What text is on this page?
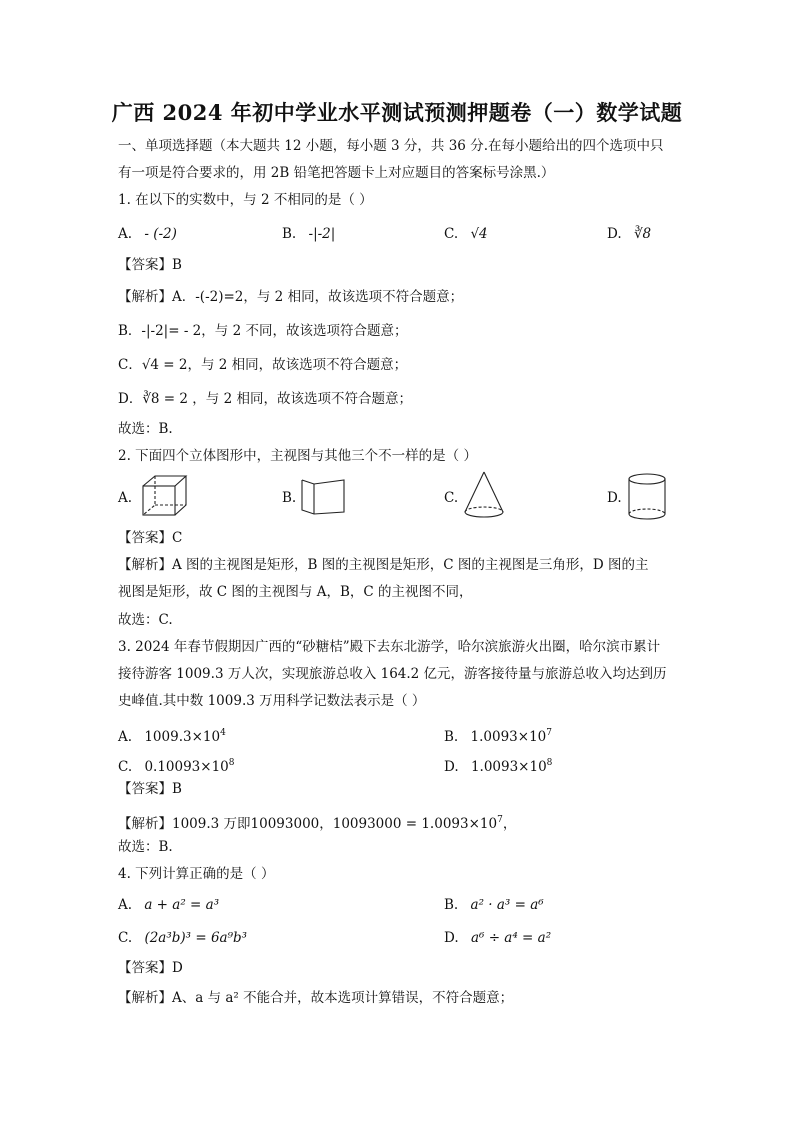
广西 2024 年初中学业水平测试预测押题卷（一）数学试题
一、单项选择题（本大题共 12 小题，每小题 3 分，共 36 分.在每小题给出的四个选项中只
有一项是符合要求的，用 2B 铅笔把答题卡上对应题目的答案标号涂黑.）
1. 在以下的实数中，与 2 不相同的是（ ）
A. - (-2)	B. -|-2|	C. √4	D. ∛8
【答案】B
【解析】A．-(-2)=2，与 2 相同，故该选项不符合题意；
B．-|-2|= - 2，与 2 不同，故该选项符合题意；
C．√4 = 2，与 2 相同，故该选项不符合题意；
D．∛8 = 2 ，与 2 相同，故该选项不符合题意；
故选：B.
2. 下面四个立体图形中，主视图与其他三个不一样的是（ ）
A.	B.	C.	D.
【答案】C
【解析】A 图的主视图是矩形，B 图的主视图是矩形，C 图的主视图是三角形，D 图的主
视图是矩形，故 C 图的主视图与 A，B，C 的主视图不同，
故选：C.
3. 2024 年春节假期因广西的“砂糖桔”殿下去东北游学，哈尔滨旅游火出圈，哈尔滨市累计
接待游客 1009.3 万人次，实现旅游总收入 164.2 亿元，游客接待量与旅游总收入均达到历
史峰值.其中数 1009.3 万用科学记数法表示是（ ）
A. $1009.3\times 10^4$	B. $1.0093\times 10^7$
C. $0.10093\times 10^8$	D. $1.0093\times 10^8$
【答案】B
【解析】1009.3 万即10093000，$10093000 = 1.0093\times 10^7$，
故选：B.
4. 下列计算正确的是（ ）
A. a + a² = a³	B. a² · a³ = a⁶
C. (2a³b)³ = 6a⁹b³	D. a⁶ ÷ a⁴ = a²
【答案】D
【解析】A、a 与 a² 不能合并，故本选项计算错误，不符合题意；
